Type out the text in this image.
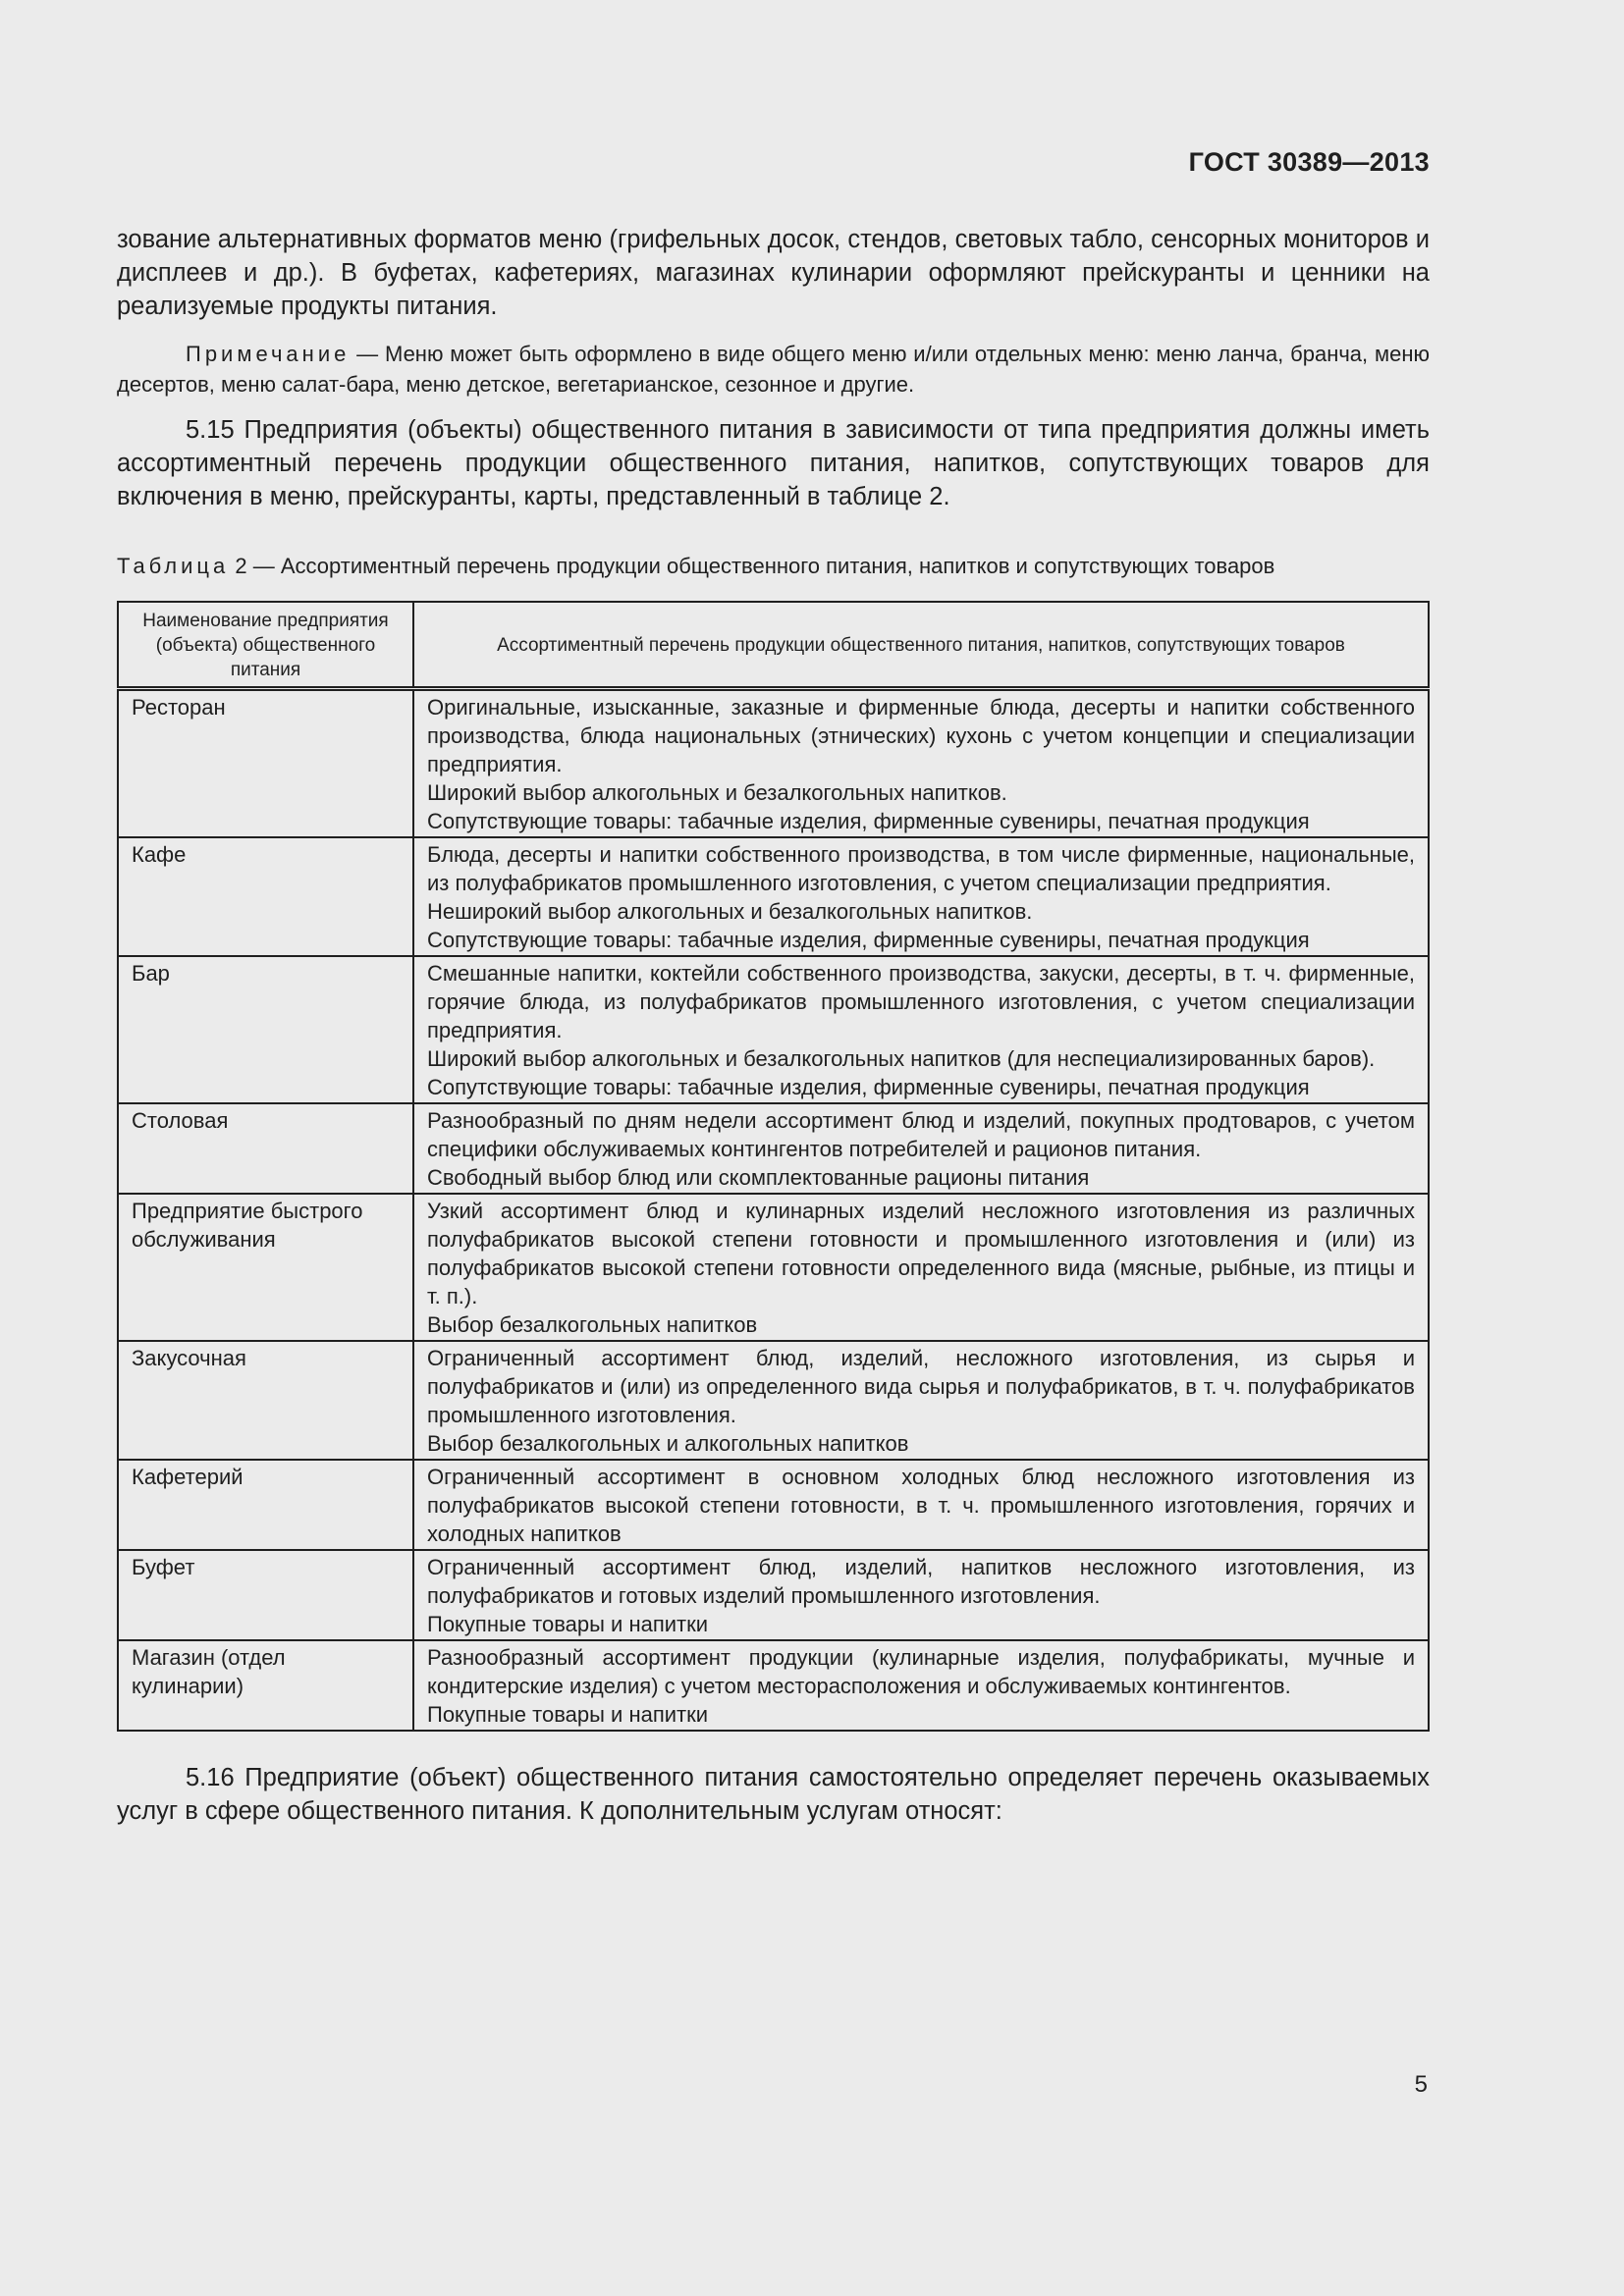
ГОСТ 30389—2013

зование альтернативных форматов меню (грифельных досок, стендов, световых табло, сенсорных мониторов и дисплеев и др.). В буфетах, кафетериях, магазинах кулинарии оформляют прейскуранты и ценники на реализуемые продукты питания.

Примечание — Меню может быть оформлено в виде общего меню и/или отдельных меню: меню ланча, бранча, меню десертов, меню салат-бара, меню детское, вегетарианское, сезонное и другие.

5.15 Предприятия (объекты) общественного питания в зависимости от типа предприятия должны иметь ассортиментный перечень продукции общественного питания, напитков, сопутствующих товаров для включения в меню, прейскуранты, карты, представленный в таблице 2.

Таблица 2 — Ассортиментный перечень продукции общественного питания, напитков и сопутствующих товаров

Наименование предприятия (объекта) общественного питания	Ассортиментный перечень продукции общественного питания, напитков, сопутствующих товаров
Ресторан	Оригинальные, изысканные, заказные и фирменные блюда, десерты и напитки собственного производства, блюда национальных (этнических) кухонь с учетом концепции и специализации предприятия.
Широкий выбор алкогольных и безалкогольных напитков.
Сопутствующие товары: табачные изделия, фирменные сувениры, печатная продукция

Кафе	Блюда, десерты и напитки собственного производства, в том числе фирменные, национальные, из полуфабрикатов промышленного изготовления, с учетом специализации предприятия.
Неширокий выбор алкогольных и безалкогольных напитков.
Сопутствующие товары: табачные изделия, фирменные сувениры, печатная продукция

Бар	Смешанные напитки, коктейли собственного производства, закуски, десерты, в т. ч. фирменные, горячие блюда, из полуфабрикатов промышленного изготовления, с учетом специализации предприятия.
Широкий выбор алкогольных и безалкогольных напитков (для неспециализированных баров).
Сопутствующие товары: табачные изделия, фирменные сувениры, печатная продукция

Столовая	Разнообразный по дням недели ассортимент блюд и изделий, покупных продтоваров, с учетом специфики обслуживаемых контингентов потребителей и рационов питания.
Свободный выбор блюд или скомплектованные рационы питания

Предприятие быстрого обслуживания	Узкий ассортимент блюд и кулинарных изделий несложного изготовления из различных полуфабрикатов высокой степени готовности и промышленного изготовления и (или) из полуфабрикатов высокой степени готовности определенного вида (мясные, рыбные, из птицы и т. п.).
Выбор безалкогольных напитков

Закусочная	Ограниченный ассортимент блюд, изделий, несложного изготовления, из сырья и полуфабрикатов и (или) из определенного вида сырья и полуфабрикатов, в т. ч. полуфабрикатов промышленного изготовления.
Выбор безалкогольных и алкогольных напитков

Кафетерий	Ограниченный ассортимент в основном холодных блюд несложного изготовления из полуфабрикатов высокой степени готовности, в т. ч. промышленного изготовления, горячих и холодных напитков

Буфет	Ограниченный ассортимент блюд, изделий, напитков несложного изготовления, из полуфабрикатов и готовых изделий промышленного изготовления.
Покупные товары и напитки

Магазин (отдел кулинарии)	Разнообразный ассортимент продукции (кулинарные изделия, полуфабрикаты, мучные и кондитерские изделия) с учетом месторасположения и обслуживаемых контингентов.
Покупные товары и напитки

5.16 Предприятие (объект) общественного питания самостоятельно определяет перечень оказываемых услуг в сфере общественного питания. К дополнительным услугам относят:

5
